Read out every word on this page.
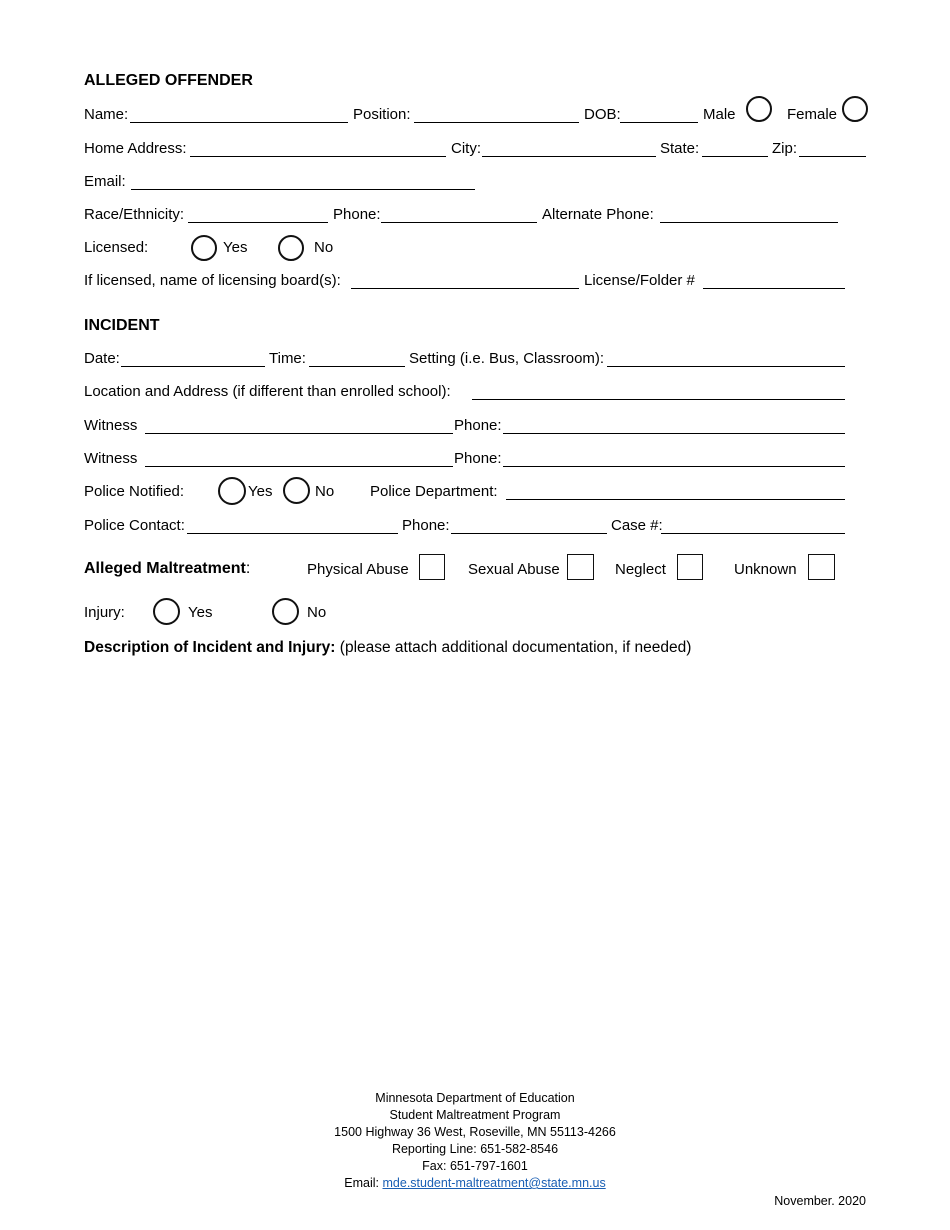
ALLEGED OFFENDER
Name:	Position:	DOB:	Male	Female
Home Address:	City:	State:	Zip:
Email:
Race/Ethnicity:	Phone:	Alternate Phone:
Licensed:	Yes	No
If licensed, name of licensing board(s):	License/Folder #
INCIDENT
Date:	Time:	Setting (i.e. Bus, Classroom):
Location and Address (if different than enrolled school):
Witness	Phone:
Witness	Phone:
Police Notified:	Yes	No Police Department:
Police Contact:	Phone:	Case #:
Alleged Maltreatment:	Physical Abuse	Sexual Abuse	Neglect	Unknown
Injury:	Yes	No
Description of Incident and Injury: (please attach additional documentation, if needed)
Minnesota Department of Education
Student Maltreatment Program
1500 Highway 36 West, Roseville, MN 55113-4266
Reporting Line: 651-582-8546
Fax: 651-797-1601
Email: mde.student-maltreatment@state.mn.us
November. 2020
